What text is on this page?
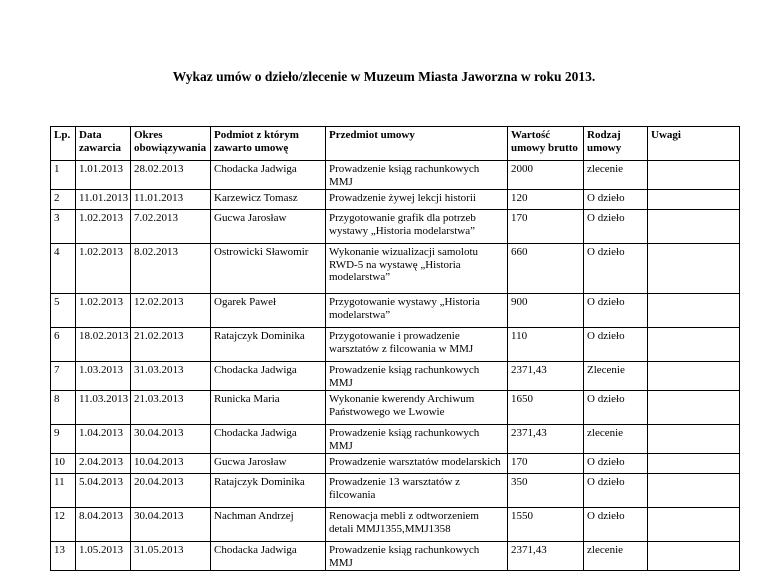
Wykaz umów o dzieło/zlecenie w Muzeum Miasta Jaworzna w roku 2013.
Lp.	Data zawarcia	Okres obowiązywania	Podmiot z którym zawarto umowę	Przedmiot umowy	Wartość umowy brutto	Rodzaj umowy	Uwagi
1	1.01.2013	28.02.2013	Chodacka Jadwiga	Prowadzenie ksiąg rachunkowych MMJ	2000	zlecenie	
2	11.01.2013	11.01.2013	Karzewicz Tomasz	Prowadzenie żywej lekcji historii	120	O dzieło	
3	1.02.2013	7.02.2013	Gucwa Jarosław	Przygotowanie grafik dla potrzeb wystawy „Historia modelarstwa”	170	O dzieło	
4	1.02.2013	8.02.2013	Ostrowicki Sławomir	Wykonanie wizualizacji samolotu RWD-5 na wystawę „Historia modelarstwa”	660	O dzieło	
5	1.02.2013	12.02.2013	Ogarek Paweł	Przygotowanie wystawy „Historia modelarstwa”	900	O dzieło	
6	18.02.2013	21.02.2013	Ratajczyk Dominika	Przygotowanie i prowadzenie warsztatów z filcowania w MMJ	110	O dzieło	
7	1.03.2013	31.03.2013	Chodacka Jadwiga	Prowadzenie ksiąg rachunkowych MMJ	2371,43	Zlecenie	
8	11.03.2013	21.03.2013	Runicka Maria	Wykonanie kwerendy Archiwum Państwowego we Lwowie	1650	O dzieło	
9	1.04.2013	30.04.2013	Chodacka Jadwiga	Prowadzenie ksiąg rachunkowych MMJ	2371,43	zlecenie	
10	2.04.2013	10.04.2013	Gucwa Jarosław	Prowadzenie warsztatów modelarskich	170	O dzieło	
11	5.04.2013	20.04.2013	Ratajczyk Dominika	Prowadzenie 13 warsztatów z filcowania	350	O dzieło	
12	8.04.2013	30.04.2013	Nachman Andrzej	Renowacja mebli z odtworzeniem detali MMJ1355,MMJ1358	1550	O dzieło	
13	1.05.2013	31.05.2013	Chodacka Jadwiga	Prowadzenie ksiąg rachunkowych MMJ	2371,43	zlecenie	
